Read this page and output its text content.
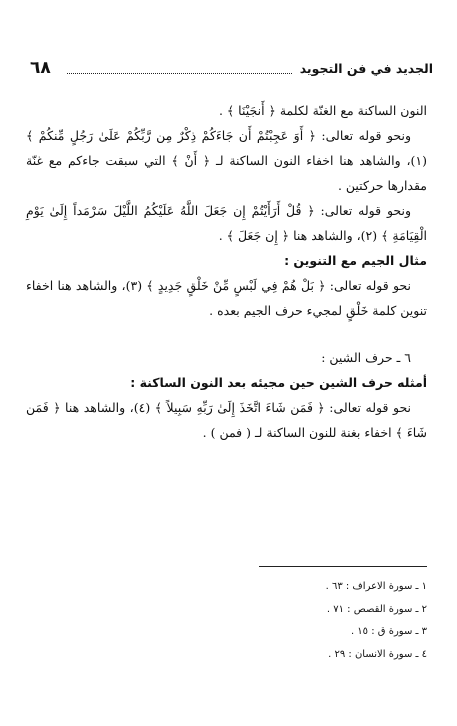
٦٨	الجديد في فن التجويد

النون الساكنة مع الغنّة لكلمة ﴿ أَنجَيْنَا ﴾ .

ونحو قوله تعالى: ﴿ أَوَ عَجِبْتُمْ أَن جَاءَكُمْ ذِكْرٌ مِن رَّبِّكُمْ عَلَىٰ رَجُلٍ مِّنكُمْ ﴾ (١)، والشاهد هنا اخفاء النون الساكنة لـ ﴿ أَنْ ﴾ التي سبقت جاءكم مع غنّة مقدارها حركتين .

ونحو قوله تعالى: ﴿ قُلْ أَرَأَيْتُمْ إِن جَعَلَ اللَّهُ عَلَيْكُمُ اللَّيْلَ سَرْمَداً إِلَىٰ يَوْمِ الْقِيَامَةِ ﴾ (٢)، والشاهد هنا ﴿ إِن جَعَلَ ﴾ .

مثال الجيم مع التنوين :

نحو قوله تعالى: ﴿ بَلْ هُمْ فِي لَبْسٍ مِّنْ خَلْقٍ جَدِيدٍ ﴾ (٣)، والشاهد هنا اخفاء تنوين كلمة خَلْقٍ لمجيء حرف الجيم بعده .

٦ ـ حرف الشين :

أمثله حرف الشين حين مجيئه بعد النون الساكنة :

نحو قوله تعالى: ﴿ فَمَن شَاءَ اتَّخَذَ إِلَىٰ رَبِّهِ سَبِيلاً ﴾ (٤)، والشاهد هنا ﴿ فَمَن شَاءَ ﴾ اخفاء بغنة للنون الساكنة لـ ( فمن ) .

١ ـ سورة الاعراف : ٦٣ .

٢ ـ سورة القصص : ٧١ .

٣ ـ سورة ق : ١٥ .

٤ ـ سورة الانسان : ٢٩ .
